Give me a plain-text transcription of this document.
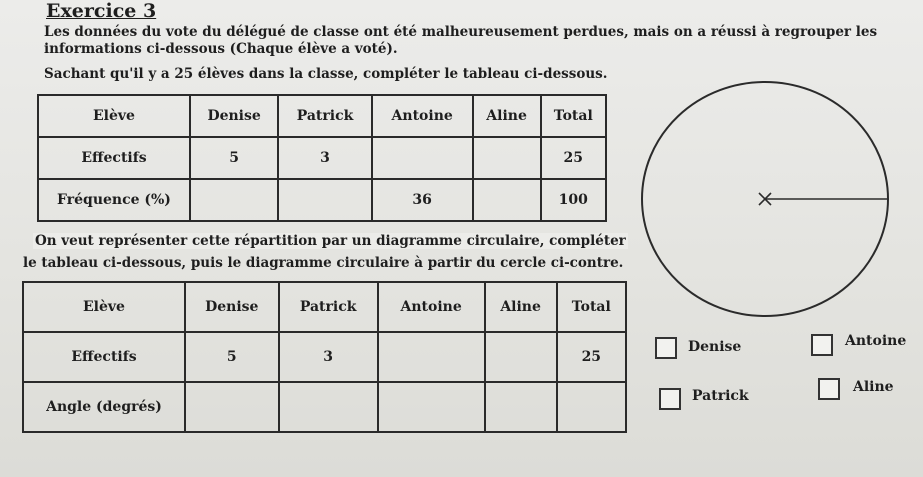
Exercice 3
Les données du vote du délégué de classe ont été malheureusement perdues, mais on a réussi à regrouper les informations ci-dessous (Chaque élève a voté).
Sachant qu'il y a 25 élèves dans la classe, compléter le tableau ci-dessous.
Elève	Denise	Patrick	Antoine	Aline	Total
Effectifs	5	3			25
Fréquence (%)			36		100
On veut représenter cette répartition par un diagramme circulaire, compléter
le tableau ci-dessous, puis le diagramme circulaire à partir du cercle ci-contre.
Elève	Denise	Patrick	Antoine	Aline	Total
Effectifs	5	3			25
Angle (degrés)					
Denise	Antoine
Patrick
Aline
